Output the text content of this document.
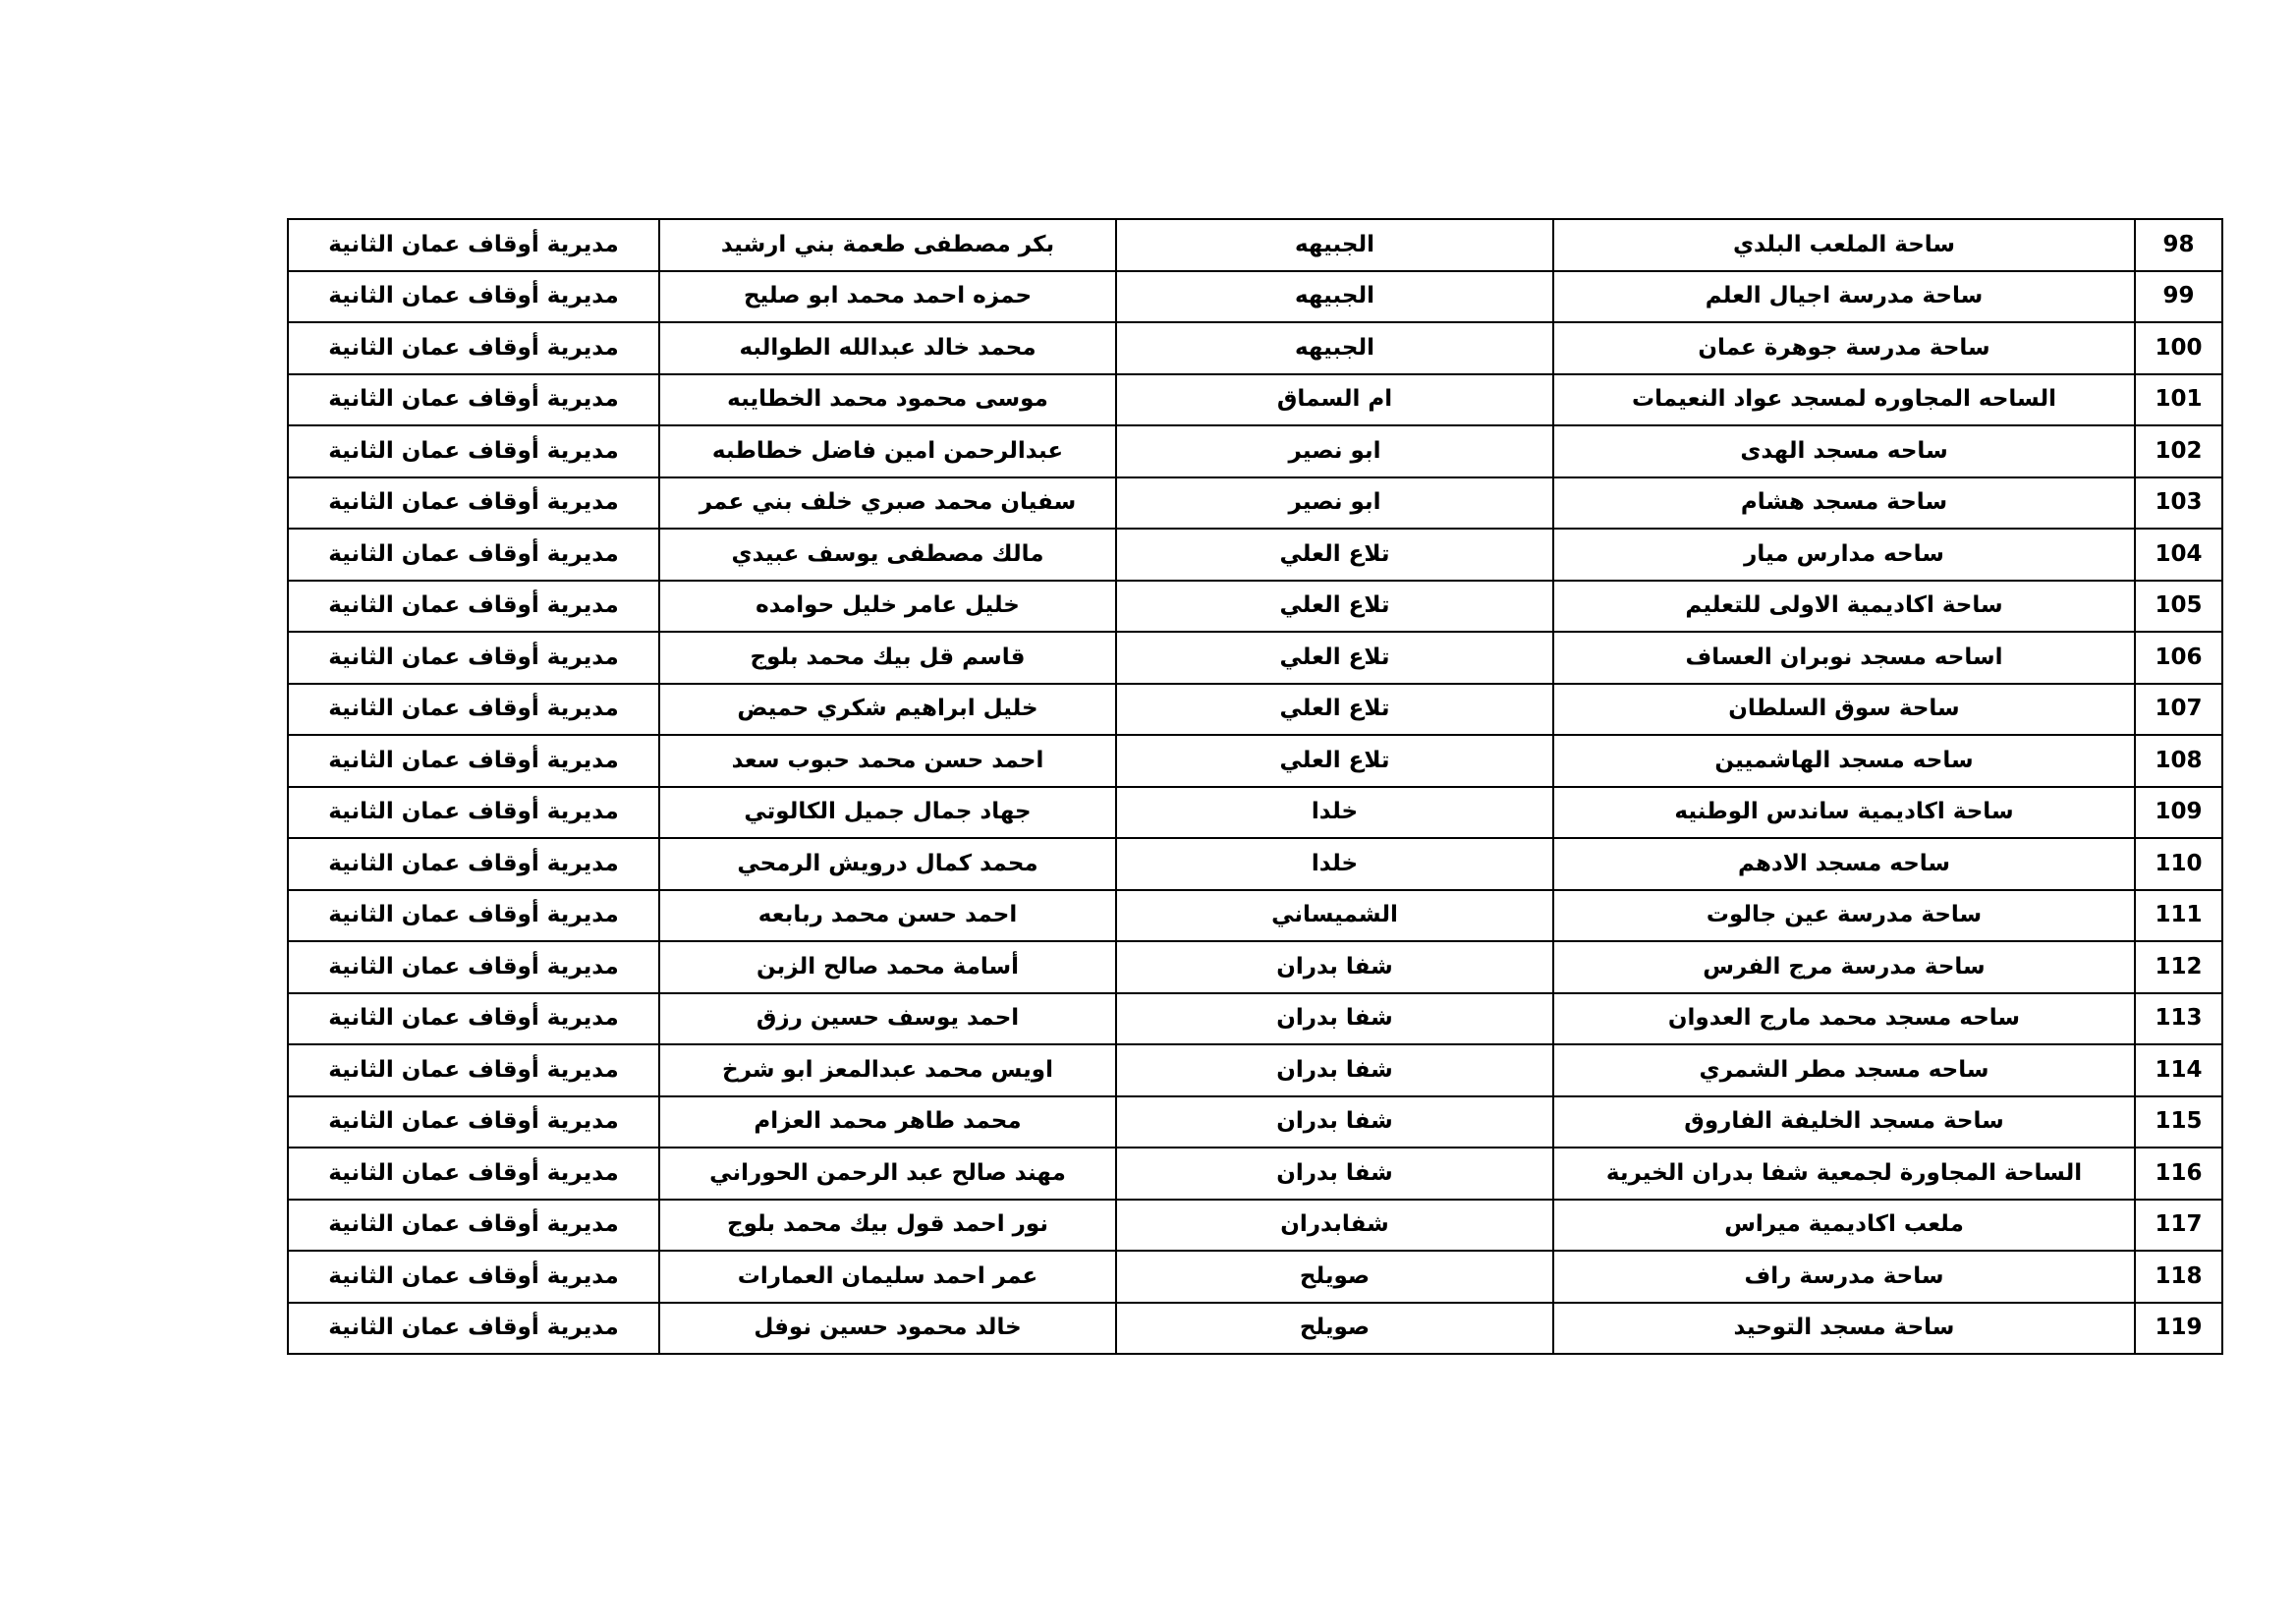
98	ساحة الملعب البلدي	الجبيهه	بكر مصطفى طعمة بني ارشيد	مديرية أوقاف عمان الثانية
99	ساحة مدرسة اجيال العلم	الجبيهه	حمزه احمد محمد ابو صليح	مديرية أوقاف عمان الثانية
100	ساحة مدرسة جوهرة عمان	الجبيهه	محمد خالد عبدالله الطوالبه	مديرية أوقاف عمان الثانية
101	الساحه المجاوره لمسجد عواد النعيمات	ام السماق	موسى محمود محمد الخطايبه	مديرية أوقاف عمان الثانية
102	ساحه مسجد الهدى	ابو نصير	عبدالرحمن امين فاضل خطاطبه	مديرية أوقاف عمان الثانية
103	ساحة مسجد هشام	ابو نصير	سفيان محمد صبري خلف بني عمر	مديرية أوقاف عمان الثانية
104	ساحه مدارس ميار	تلاع العلي	مالك مصطفى يوسف عبيدي	مديرية أوقاف عمان الثانية
105	ساحة اكاديمية الاولى للتعليم	تلاع العلي	خليل عامر خليل حوامده	مديرية أوقاف عمان الثانية
106	اساحه مسجد نوبران العساف	تلاع العلي	قاسم قل بيك محمد بلوج	مديرية أوقاف عمان الثانية
107	ساحة سوق السلطان	تلاع العلي	خليل ابراهيم شكري حميض	مديرية أوقاف عمان الثانية
108	ساحه مسجد الهاشميين	تلاع العلي	احمد حسن محمد حبوب سعد	مديرية أوقاف عمان الثانية
109	ساحة اكاديمية ساندس الوطنيه	خلدا	جهاد جمال جميل الكالوتي	مديرية أوقاف عمان الثانية
110	ساحه مسجد الادهم	خلدا	محمد كمال درويش الرمحي	مديرية أوقاف عمان الثانية
111	ساحة مدرسة عين جالوت	الشميساني	احمد حسن محمد ربابعه	مديرية أوقاف عمان الثانية
112	ساحة مدرسة مرج الفرس	شفا بدران	أسامة محمد صالح الزبن	مديرية أوقاف عمان الثانية
113	ساحه مسجد محمد مارج العدوان	شفا بدران	احمد يوسف حسين رزق	مديرية أوقاف عمان الثانية
114	ساحه مسجد مطر الشمري	شفا بدران	اويس محمد عبدالمعز ابو شرخ	مديرية أوقاف عمان الثانية
115	ساحة مسجد الخليفة الفاروق	شفا بدران	محمد طاهر محمد العزام	مديرية أوقاف عمان الثانية
116	الساحة المجاورة لجمعية شفا بدران الخيرية	شفا بدران	مهند صالح عبد الرحمن الحوراني	مديرية أوقاف عمان الثانية
117	ملعب اكاديمية ميراس	شفابدران	نور احمد قول بيك محمد بلوج	مديرية أوقاف عمان الثانية
118	ساحة مدرسة راف	صويلح	عمر احمد سليمان العمارات	مديرية أوقاف عمان الثانية
119	ساحة مسجد التوحيد	صويلح	خالد محمود حسين نوفل	مديرية أوقاف عمان الثانية
